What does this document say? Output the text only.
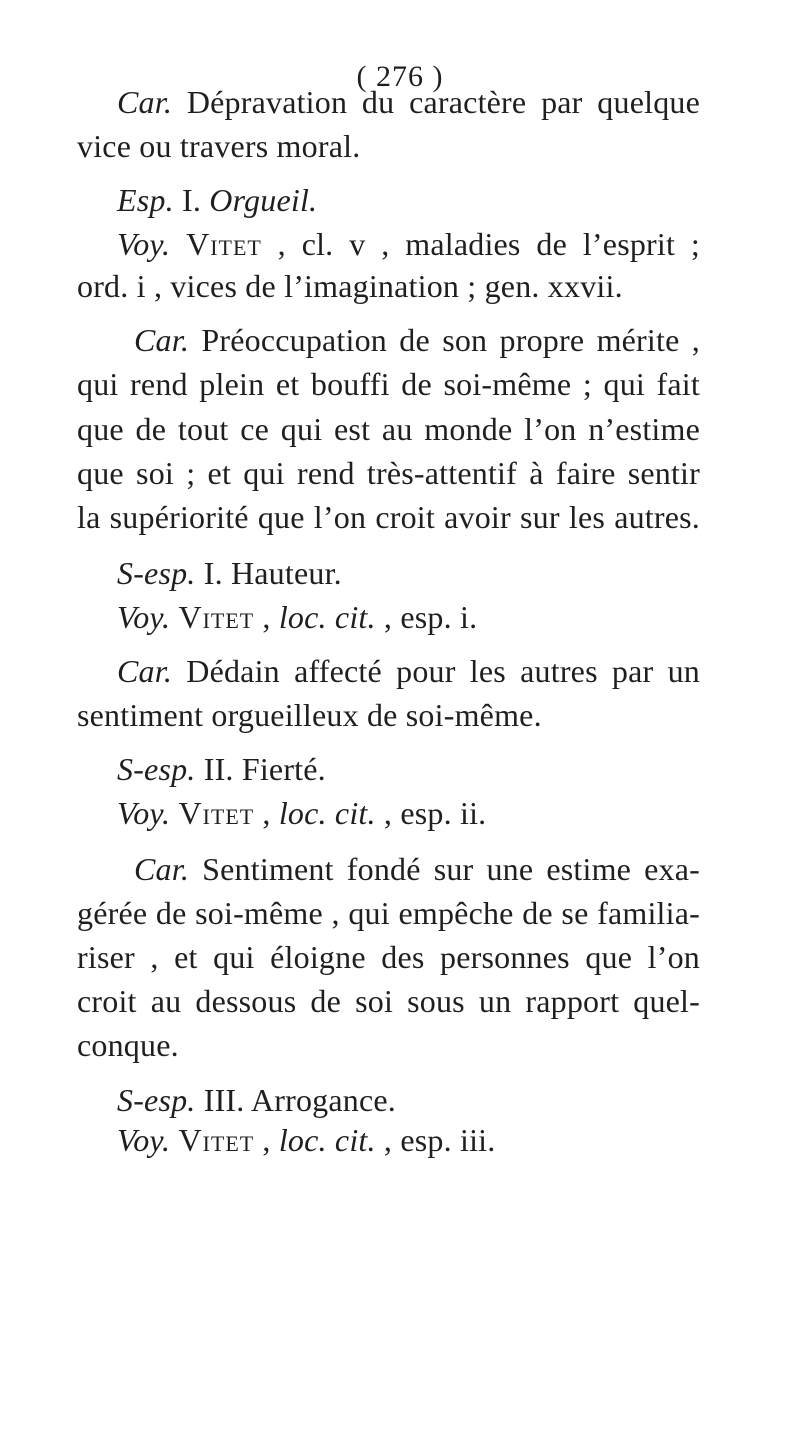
( 276 )
Car. Dépravation du caractère par quelque
vice ou travers moral.
Esp. I. Orgueil.
Voy. Vitet , cl. v , maladies de l’esprit ;
ord. i , vices de l’imagination ; gen. xxvii.
Car. Préoccupation de son propre mérite ,
qui rend plein et bouffi de soi-même ; qui fait
que de tout ce qui est au monde l’on n’estime
que soi ; et qui rend très-attentif à faire sentir
la supériorité que l’on croit avoir sur les autres.
S-esp. I. Hauteur.
Voy. Vitet , loc. cit. , esp. i.
Car. Dédain affecté pour les autres par un
sentiment orgueilleux de soi-même.
S-esp. II. Fierté.
Voy. Vitet , loc. cit. , esp. ii.
Car. Sentiment fondé sur une estime exa-
gérée de soi-même , qui empêche de se familia-
riser , et qui éloigne des personnes que l’on
croit au dessous de soi sous un rapport quel-
conque.
S-esp. III. Arrogance.
Voy. Vitet , loc. cit. , esp. iii.
